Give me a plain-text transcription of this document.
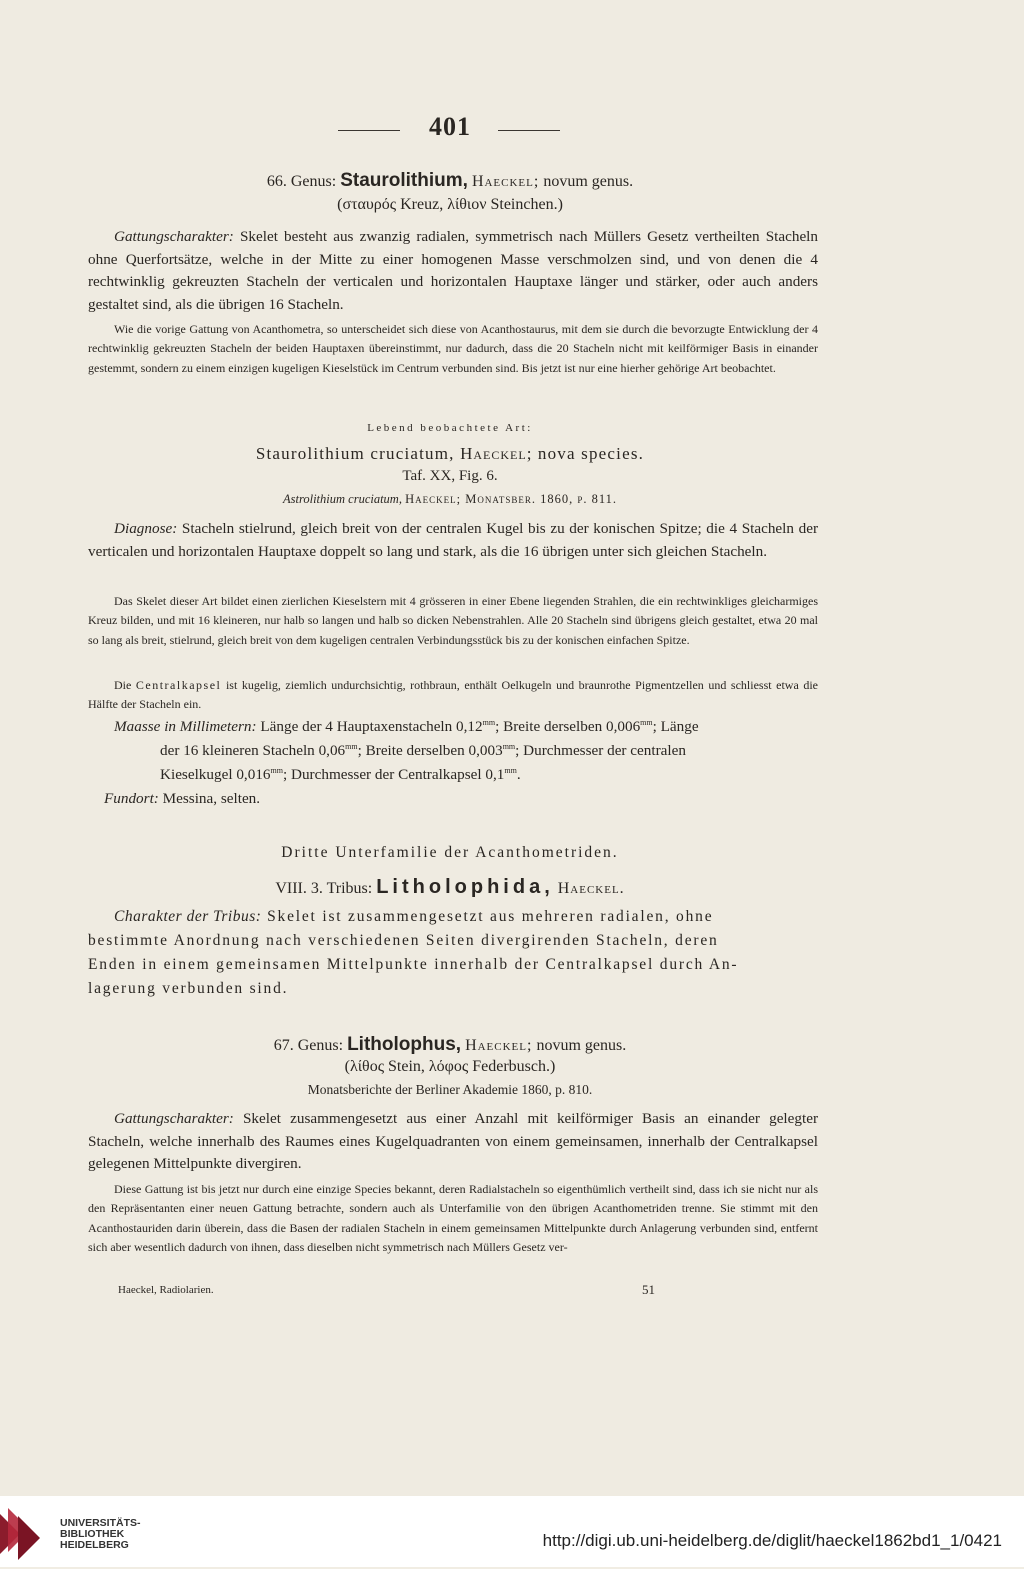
401
66. Genus: Staurolithium, Haeckel; novum genus.
(σταυρός Kreuz, λίθιον Steinchen.)
Gattungscharakter: Skelet besteht aus zwanzig radialen, symmetrisch nach Müllers Gesetz vertheilten Stacheln ohne Querfortsätze, welche in der Mitte zu einer homogenen Masse verschmolzen sind, und von denen die 4 rechtwinklig gekreuzten Stacheln der verticalen und horizontalen Hauptaxe länger und stärker, oder auch anders gestaltet sind, als die übrigen 16 Stacheln.
Wie die vorige Gattung von Acanthometra, so unterscheidet sich diese von Acanthostaurus, mit dem sie durch die bevorzugte Entwicklung der 4 rechtwinklig gekreuzten Stacheln der beiden Hauptaxen übereinstimmt, nur dadurch, dass die 20 Stacheln nicht mit keilförmiger Basis in einander gestemmt, sondern zu einem einzigen kugeligen Kieselstück im Centrum verbunden sind. Bis jetzt ist nur eine hierher gehörige Art beobachtet.
Lebend beobachtete Art:
Staurolithium cruciatum, Haeckel; nova species.
Taf. XX, Fig. 6.
Astrolithium cruciatum, Haeckel; Monatsber. 1860, p. 811.
Diagnose: Stacheln stielrund, gleich breit von der centralen Kugel bis zu der konischen Spitze; die 4 Stacheln der verticalen und horizontalen Hauptaxe doppelt so lang und stark, als die 16 übrigen unter sich gleichen Stacheln.
Das Skelet dieser Art bildet einen zierlichen Kieselstern mit 4 grösseren in einer Ebene liegenden Strahlen, die ein rechtwinkliges gleicharmiges Kreuz bilden, und mit 16 kleineren, nur halb so langen und halb so dicken Nebenstrahlen. Alle 20 Stacheln sind übrigens gleich gestaltet, etwa 20 mal so lang als breit, stielrund, gleich breit von dem kugeligen centralen Verbindungsstück bis zu der konischen einfachen Spitze.
Die Centralkapsel ist kugelig, ziemlich undurchsichtig, rothbraun, enthält Oelkugeln und braunrothe Pigmentzellen und schliesst etwa die Hälfte der Stacheln ein.
Maasse in Millimetern: Länge der 4 Hauptaxenstacheln $0,12^{mm}$; Breite derselben $0,006^{mm}$; Länge
der 16 kleineren Stacheln $0,06^{mm}$; Breite derselben $0,003^{mm}$; Durchmesser der centralen
Kieselkugel $0,016^{mm}$; Durchmesser der Centralkapsel $0,1^{mm}$.
Fundort: Messina, selten.
Dritte Unterfamilie der Acanthometriden.
VIII. 3. Tribus: Litholophida, Haeckel.
Charakter der Tribus: Skelet ist zusammengesetzt aus mehreren radialen, ohne
bestimmte Anordnung nach verschiedenen Seiten divergirenden Stacheln, deren
Enden in einem gemeinsamen Mittelpunkte innerhalb der Centralkapsel durch An-
lagerung verbunden sind.
67. Genus: Litholophus, Haeckel; novum genus.
(λίθος Stein, λόφος Federbusch.)
Monatsberichte der Berliner Akademie 1860, p. 810.
Gattungscharakter: Skelet zusammengesetzt aus einer Anzahl mit keilförmiger Basis an einander gelegter Stacheln, welche innerhalb des Raumes eines Kugelquadranten von einem gemeinsamen, innerhalb der Centralkapsel gelegenen Mittelpunkte divergiren.
Diese Gattung ist bis jetzt nur durch eine einzige Species bekannt, deren Radialstacheln so eigenthümlich vertheilt sind, dass ich sie nicht nur als den Repräsentanten einer neuen Gattung betrachte, sondern auch als Unterfamilie von den übrigen Acanthometriden trenne. Sie stimmt mit den Acanthostauriden darin überein, dass die Basen der radialen Stacheln in einem gemeinsamen Mittelpunkte durch Anlagerung verbunden sind, entfernt sich aber wesentlich dadurch von ihnen, dass dieselben nicht symmetrisch nach Müllers Gesetz ver-
Haeckel, Radiolarien.	51
UNIVERSITÄTS-
BIBLIOTHEK
HEIDELBERG	http://digi.ub.uni-heidelberg.de/diglit/haeckel1862bd1_1/0421
